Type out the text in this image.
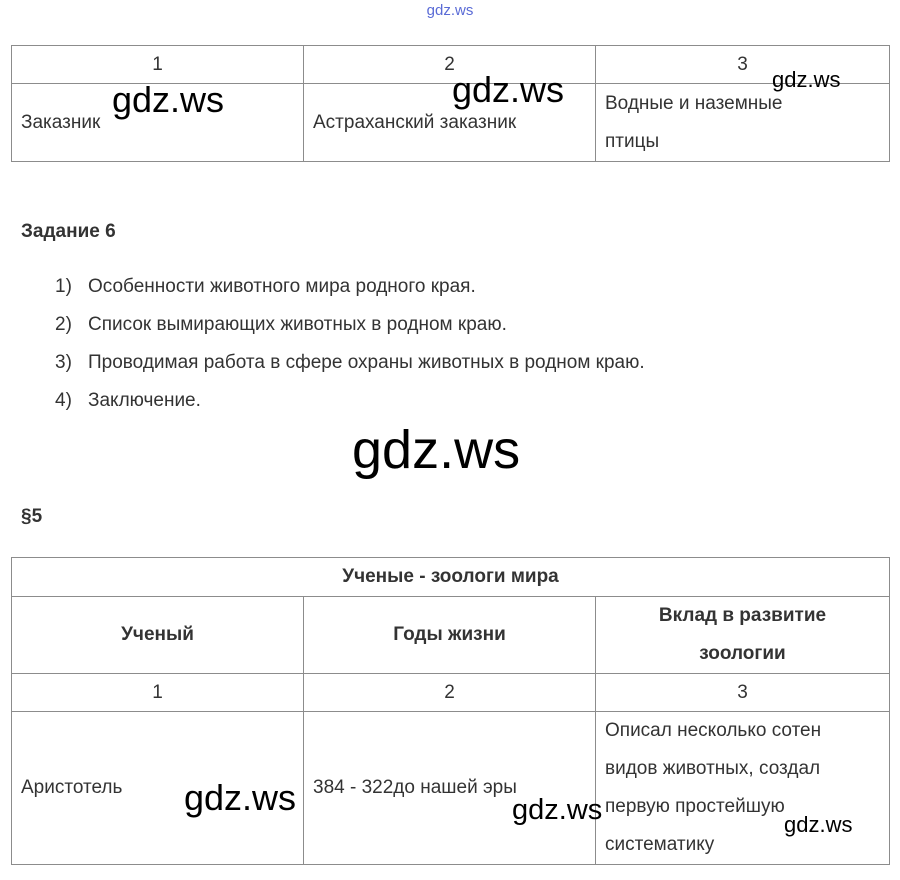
gdz.ws
1	2	3
Заказник	Астраханский заказник	Водные и наземные
птицы
Задание 6
1) Особенности животного мира родного края.
2) Список вымирающих животных в родном краю.
3) Проводимая работа в сфере охраны животных в родном краю.
4) Заключение.
§5
Ученые - зоологи мира		
Ученый	Годы жизни	Вклад в развитие
зоологии
1	2	3
Аристотель	384 - 322до нашей эры	Описал несколько сотен
видов животных, создал
первую простейшую
систематику
gdz.ws	gdz.ws	gdz.ws
gdz.ws
gdz.ws	gdz.ws	gdz.ws
